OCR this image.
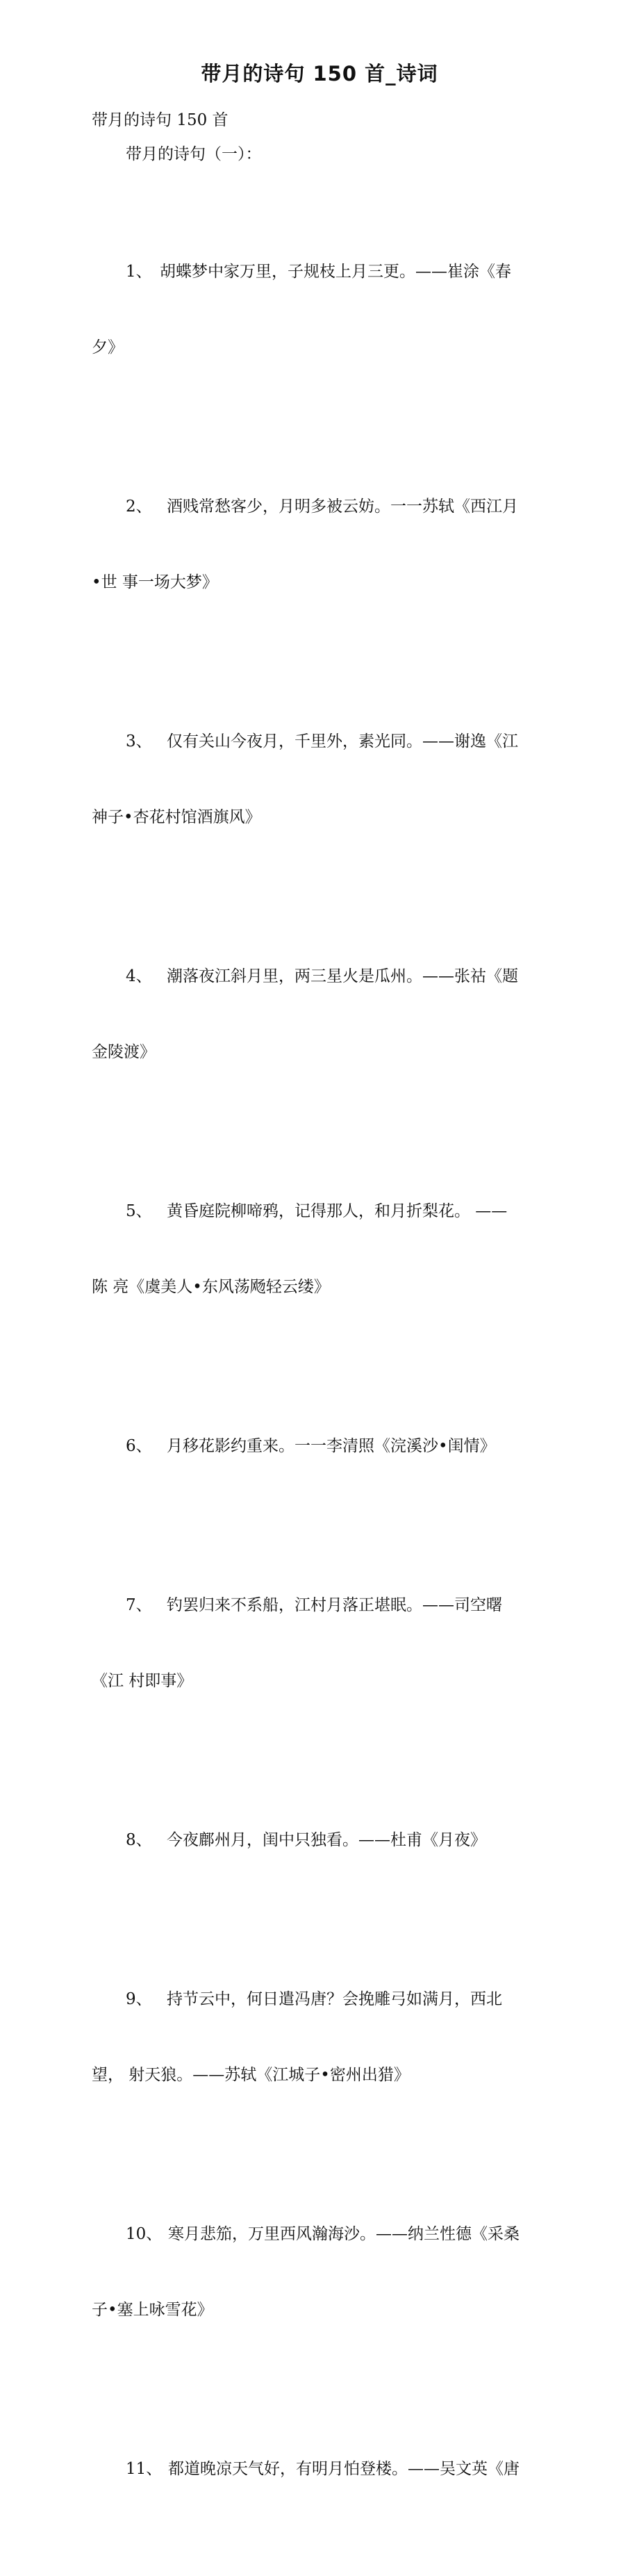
带月的诗句 150 首_诗词
带月的诗句 150 首
带月的诗句（一）：

1、 胡蝶梦中家万里，子规枝上月三更。——崔涂《春

夕》

2、 酒贱常愁客少，月明多被云妨。一一苏轼《西江月

•世 事一场大梦》

3、 仅有关山今夜月，千里外，素光同。——谢逸《江

神子•杏花村馆酒旗风》

4、 潮落夜江斜月里，两三星火是瓜州。——张祜《题

金陵渡》

5、 黄昏庭院柳啼鸦，记得那人，和月折梨花。 ——

陈 亮《虞美人•东风荡飏轻云缕》

6、 月移花影约重来。一一李清照《浣溪沙•闺情》

7、 钓罢归来不系船，江村月落正堪眠。——司空曙

《江 村即事》

8、 今夜鄜州月，闺中只独看。——杜甫《月夜》

9、 持节云中，何日遣冯唐？会挽雕弓如满月，西北

望， 射天狼。——苏轼《江城子•密州出猎》

10、 寒月悲笳，万里西风瀚海沙。——纳兰性德《采桑

子•塞上咏雪花》

11、 都道晚凉天气好，有明月怕登楼。——吴文英《唐
